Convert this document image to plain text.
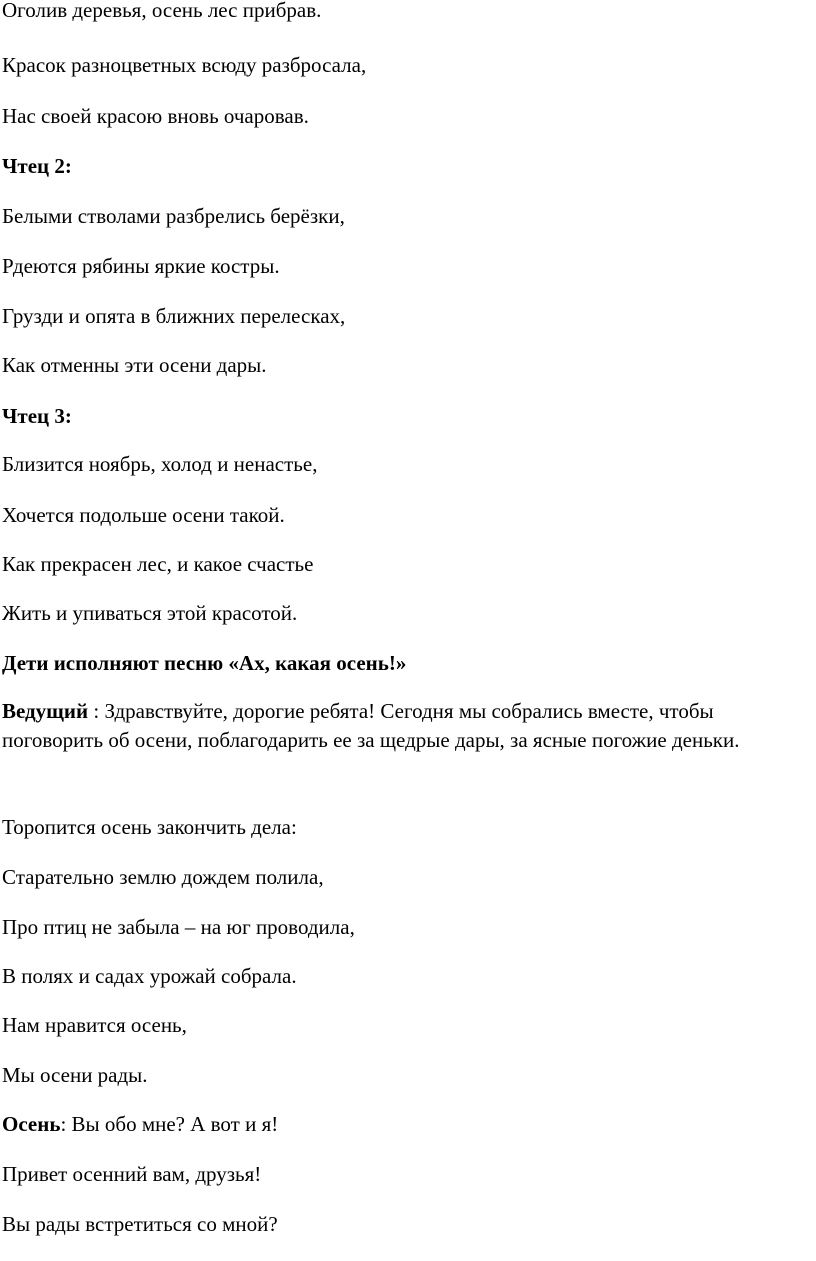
Оголив деревья, осень лес прибрав.
Красок разноцветных всюду разбросала,
Нас своей красою вновь очаровав.
Чтец 2:
Белыми стволами разбрелись берёзки,
Рдеются рябины яркие костры.
Грузди и опята в ближних перелесках,
Как отменны эти осени дары.
Чтец 3:
Близится ноябрь, холод и ненастье,
Хочется подольше осени такой.
Как прекрасен лес, и какое счастье
Жить и упиваться этой красотой.
Дети исполняют песню «Ах, какая осень!»
Ведущий : Здравствуйте, дорогие ребята! Сегодня мы собрались вместе, чтобы поговорить об осени, поблагодарить ее за щедрые дары, за ясные погожие деньки.
Торопится осень закончить дела:
Старательно землю дождем полила,
Про птиц не забыла – на юг проводила,
В полях и садах урожай собрала.
Нам нравится осень,
Мы осени рады.
Осень: Вы обо мне? А вот и я!
Привет осенний вам, друзья!
Вы рады встретиться со мной?
